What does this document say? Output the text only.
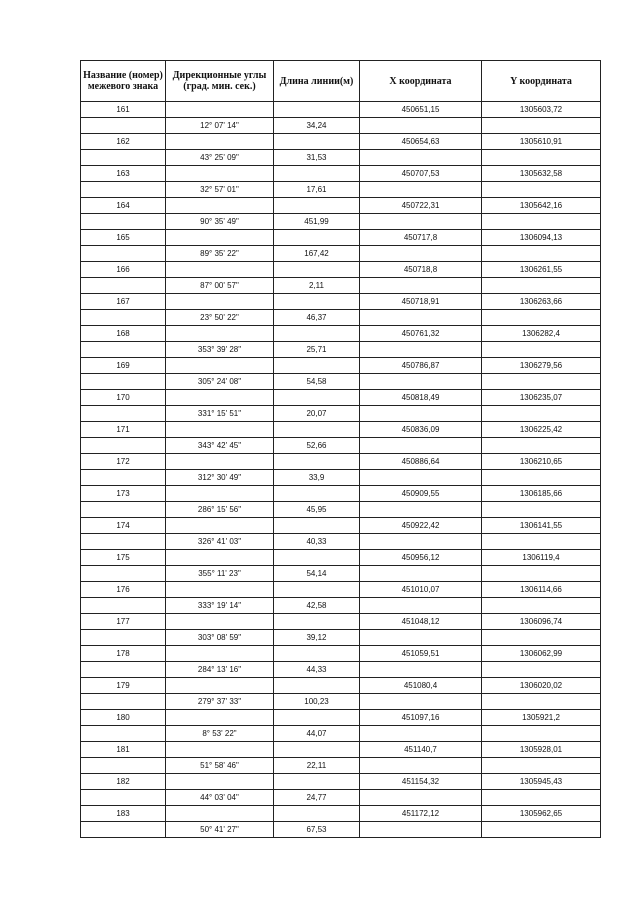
Название (номер) межевого знака	Дирекционные углы (град. мин. сек.)	Длина линии(м)	X координата	Y координата
161			450651,15	1305603,72
	12° 07' 14"	34,24		
162			450654,63	1305610,91
	43° 25' 09"	31,53		
163			450707,53	1305632,58
	32° 57' 01"	17,61		
164			450722,31	1305642,16
	90° 35' 49"	451,99		
165			450717,8	1306094,13
	89° 35' 22"	167,42		
166			450718,8	1306261,55
	87° 00' 57"	2,11		
167			450718,91	1306263,66
	23° 50' 22"	46,37		
168			450761,32	1306282,4
	353° 39' 28"	25,71		
169			450786,87	1306279,56
	305° 24' 08"	54,58		
170			450818,49	1306235,07
	331° 15' 51"	20,07		
171			450836,09	1306225,42
	343° 42' 45"	52,66		
172			450886,64	1306210,65
	312° 30' 49"	33,9		
173			450909,55	1306185,66
	286° 15' 56"	45,95		
174			450922,42	1306141,55
	326° 41' 03"	40,33		
175			450956,12	1306119,4
	355° 11' 23"	54,14		
176			451010,07	1306114,66
	333° 19' 14"	42,58		
177			451048,12	1306096,74
	303° 08' 59"	39,12		
178			451059,51	1306062,99
	284° 13' 16"	44,33		
179			451080,4	1306020,02
	279° 37' 33"	100,23		
180			451097,16	1305921,2
	8° 53' 22"	44,07		
181			451140,7	1305928,01
	51° 58' 46"	22,11		
182			451154,32	1305945,43
	44° 03' 04"	24,77		
183			451172,12	1305962,65
	50° 41' 27"	67,53		
